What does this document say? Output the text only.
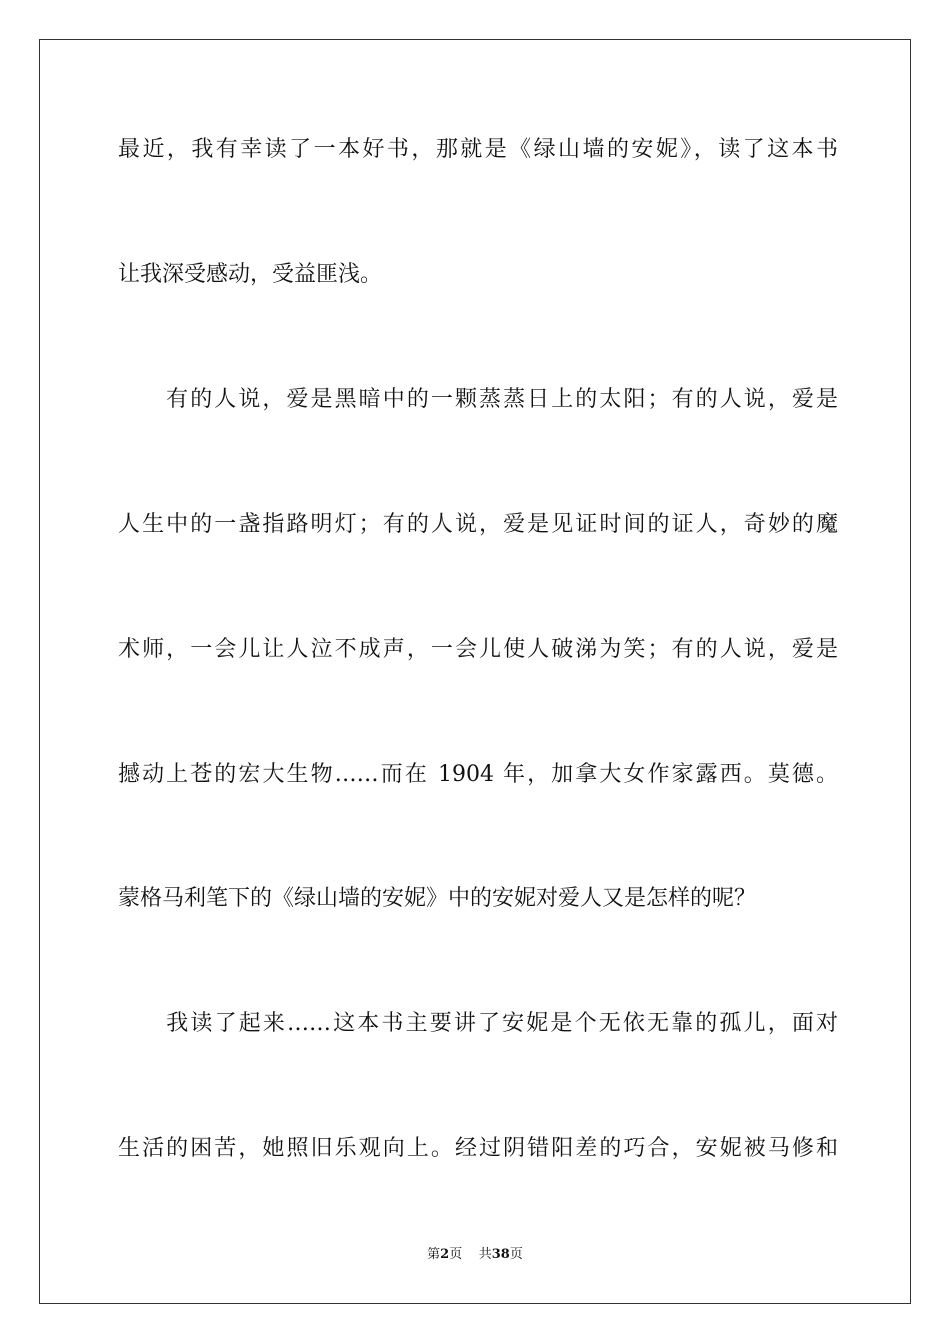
最近，我有幸读了一本好书，那就是《绿山墙的安妮》，读了这本书
让我深受感动，受益匪浅。
　　有的人说，爱是黑暗中的一颗蒸蒸日上的太阳；有的人说，爱是
人生中的一盏指路明灯；有的人说，爱是见证时间的证人，奇妙的魔
术师，一会儿让人泣不成声，一会儿使人破涕为笑；有的人说，爱是
撼动上苍的宏大生物……而在 1904 年，加拿大女作家露西。莫德。
蒙格马利笔下的《绿山墙的安妮》中的安妮对爱人又是怎样的呢？
　　我读了起来……这本书主要讲了安妮是个无依无靠的孤儿，面对
生活的困苦，她照旧乐观向上。经过阴错阳差的巧合，安妮被马修和
第2页 共38页
